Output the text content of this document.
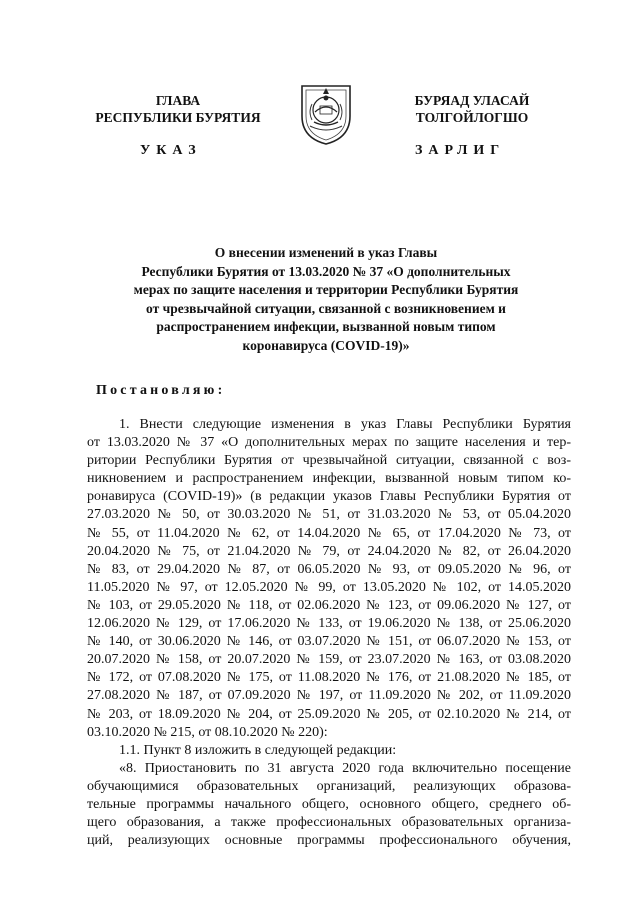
ГЛАВА
РЕСПУБЛИКИ БУРЯТИЯ
БУРЯАД УЛАСАЙ
ТОЛГОЙЛОГШО
УКАЗ	ЗАРЛИГ
О внесении изменений в указ Главы
Республики Бурятия от 13.03.2020 № 37 «О дополнительных
мерах по защите населения и территории Республики Бурятия
от чрезвычайной ситуации, связанной с возникновением и
распространением инфекции, вызванной новым типом
коронавируса (COVID-19)»
Постановляю:
1. Внести следующие изменения в указ Главы Республики Бурятия
от 13.03.2020 № 37 «О дополнительных мерах по защите населения и тер-
ритории Республики Бурятия от чрезвычайной ситуации, связанной с воз-
никновением и распространением инфекции, вызванной новым типом ко-
ронавируса (COVID-19)» (в редакции указов Главы Республики Бурятия от
27.03.2020 № 50, от 30.03.2020 № 51, от 31.03.2020 № 53, от 05.04.2020
№ 55, от 11.04.2020 № 62, от 14.04.2020 № 65, от 17.04.2020 № 73, от
20.04.2020 № 75, от 21.04.2020 № 79, от 24.04.2020 № 82, от 26.04.2020
№ 83, от 29.04.2020 № 87, от 06.05.2020 № 93, от 09.05.2020 № 96, от
11.05.2020 № 97, от 12.05.2020 № 99, от 13.05.2020 № 102, от 14.05.2020
№ 103, от 29.05.2020 № 118, от 02.06.2020 № 123, от 09.06.2020 № 127, от
12.06.2020 № 129, от 17.06.2020 № 133, от 19.06.2020 № 138, от 25.06.2020
№ 140, от 30.06.2020 № 146, от 03.07.2020 № 151, от 06.07.2020 № 153, от
20.07.2020 № 158, от 20.07.2020 № 159, от 23.07.2020 № 163, от 03.08.2020
№ 172, от 07.08.2020 № 175, от 11.08.2020 № 176, от 21.08.2020 № 185, от
27.08.2020 № 187, от 07.09.2020 № 197, от 11.09.2020 № 202, от 11.09.2020
№ 203, от 18.09.2020 № 204, от 25.09.2020 № 205, от 02.10.2020 № 214, от
03.10.2020 № 215, от 08.10.2020 № 220):
1.1. Пункт 8 изложить в следующей редакции:
«8. Приостановить по 31 августа 2020 года включительно посещение
обучающимися образовательных организаций, реализующих образова-
тельные программы начального общего, основного общего, среднего об-
щего образования, а также профессиональных образовательных организа-
ций, реализующих основные программы профессионального обучения,
